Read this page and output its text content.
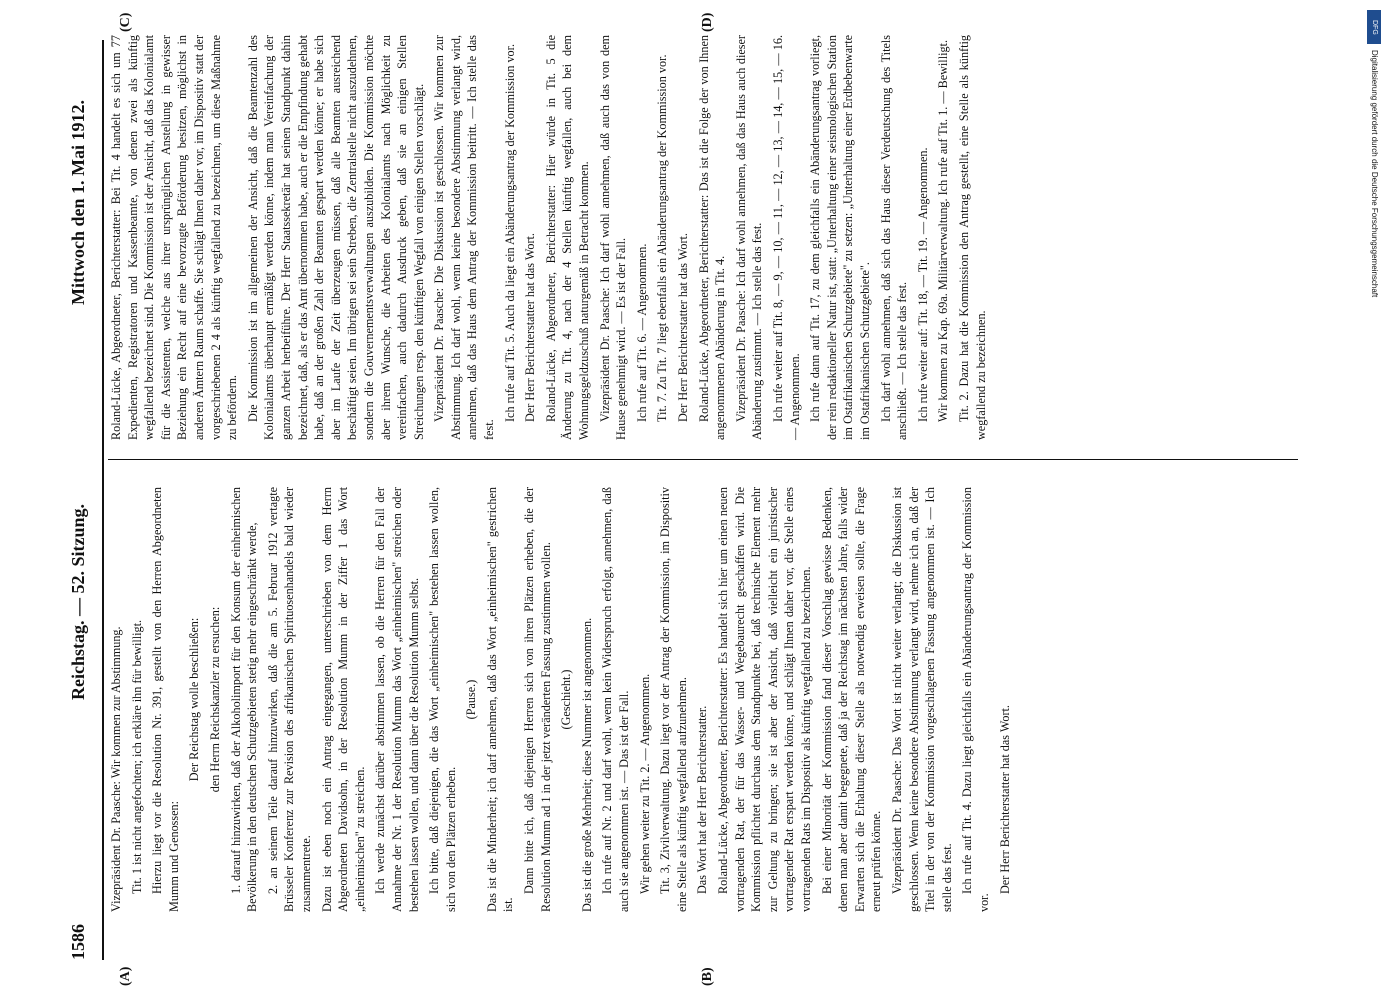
1586
Reichstag. — 52. Sitzung.
Mittwoch den 1. Mai 1912.
(A)	(B)
(C)	(D)

Vizepräsident Dr. Paasche: Wir kommen zur Abstimmung. Tit. 1 ist nicht angefochten; ich erkläre ihn für bewilligt. Hierzu liegt vor die Resolution Nr. 391, gestellt von den Herren Abgeordneten Mumm und Genossen:

Der Reichstag wolle beschließen: den Herrn Reichskanzler zu ersuchen: 1. darauf hinzuwirken, daß der Alkoholimport für den Konsum der einheimischen Bevölkerung in den deutschen Schutzgebieten stetig mehr eingeschränkt werde, 2. an seinem Teile darauf hinzuwirken, daß die am 5. Februar 1912 vertagte Brüsseler Konferenz zur Revision des afrikanischen Spirituosenhandels bald wieder zusammentrete. Dazu ist eben noch ein Antrag eingegangen, unterschrieben von dem Herrn Abgeordneten Davidsohn, in der Resolution Mumm in der Ziffer 1 das Wort „einheimischen" zu streichen. Ich werde zunächst darüber abstimmen lassen, ob die Herren für den Fall der Annahme der Nr. 1 der Resolution Mumm das Wort „einheimischen" streichen oder bestehen lassen wollen, und dann über die Resolution Mumm selbst. Ich bitte, daß diejenigen, die das Wort „einheimischen" bestehen lassen wollen, sich von den Plätzen erheben.

(Pause.) Das ist die Minderheit; ich darf annehmen, daß das Wort „einheimischen" gestrichen ist.

Dann bitte ich, daß diejenigen Herren sich von ihren Plätzen erheben, die der Resolution Mumm ad 1 in der jetzt veränderten Fassung zustimmen wollen. (Geschieht.) Das ist die große Mehrheit; diese Nummer ist angenommen. Ich rufe auf Nr. 2 und darf wohl, wenn kein Widerspruch erfolgt, annehmen, daß auch sie angenommen ist. — Das ist der Fall. Wir gehen weiter zu Tit. 2. — Angenommen. Tit. 3, Zivilverwaltung. Dazu liegt vor der Antrag der Kommission, im Dispositiv eine Stelle als künftig wegfallend aufzunehmen. Das Wort hat der Herr Berichterstatter. Roland-Lücke, Abgeordneter, Berichterstatter: Es handelt sich hier um einen neuen vortragenden Rat, der für das Wasser- und Wegebaurecht geschaffen wird. Die Kommission pflichtet durchaus dem Standpunkte bei, daß technische Element mehr zur Geltung zu bringen; sie ist aber der Ansicht, daß vielleicht ein juristischer vortragender Rat erspart werden könne, und schlägt Ihnen daher vor, die Stelle eines vortragenden Rats im Dispositiv als künftig wegfallend zu bezeichnen. Bei einer Minorität der Kommission fand dieser Vorschlag gewisse Bedenken, denen man aber damit begegnete, daß ja der Reichstag im nächsten Jahre, falls wider Erwarten sich die Erhaltung dieser Stelle als notwendig erweisen sollte, die Frage erneut prüfen könne. Vizepräsident Dr. Paasche: Das Wort ist nicht weiter verlangt; die Diskussion ist geschlossen. Wenn keine besondere Abstimmung verlangt wird, nehme ich an, daß der Titel in der von der Kommission vorgeschlagenen Fassung angenommen ist. — Ich stelle das fest. Ich rufe auf Tit. 4. Dazu liegt gleichfalls ein Abänderungsantrag der Kommission vor.

Der Herr Berichterstatter hat das Wort.

Roland-Lücke, Abgeordneter, Berichterstatter: Bei Tit. 4 handelt es sich um 77 Expedienten, Registratoren und Kassenbeamte, von denen zwei als künftig wegfallend bezeichnet sind. Die Kommission ist der Ansicht, daß das Kolonialamt für die Assistenten, welche aus ihrer ursprünglichen Anstellung in gewisser Beziehung ein Recht auf eine bevorzugte Beförderung besitzen, möglichst in anderen Ämtern Raum schaffe. Sie schlägt Ihnen daher vor, im Dispositiv statt der vorgeschriebenen 2 4 als künftig wegfallend zu bezeichnen, um diese Maßnahme zu befördern. Die Kommission ist im allgemeinen der Ansicht, daß die Beamtenzahl des Kolonialamts überhaupt ermäßigt werden könne, indem man Vereinfachung der ganzen Arbeit herbeiführe. Der Herr Staatssekretär hat seinen Standpunkt dahin bezeichnet, daß, als er das Amt übernommen habe, auch er die Empfindung gehabt habe, daß an der großen Zahl der Beamten gespart werden könne; er habe sich aber im Laufe der Zeit überzeugen müssen, daß alle Beamten ausreichend beschäftigt seien. Im übrigen sei sein Streben, die Zentralstelle nicht auszudehnen, sondern die Gouvernementsverwaltungen auszubilden. Die Kommission möchte aber ihrem Wunsche, die Arbeiten des Kolonialamts nach Möglichkeit zu vereinfachen, auch dadurch Ausdruck geben, daß sie an einigen Stellen Streichungen resp. den künftigen Wegfall von einigen Stellen vorschlägt. Vizepräsident Dr. Paasche: Die Diskussion ist geschlossen. Wir kommen zur Abstimmung. Ich darf wohl, wenn keine besondere Abstimmung verlangt wird, annehmen, daß das Haus dem Antrag der Kommission beitritt. — Ich stelle das fest.

Ich rufe auf Tit. 5. Auch da liegt ein Abänderungsantrag der Kommission vor. Der Herr Berichterstatter hat das Wort. Roland-Lücke, Abgeordneter, Berichterstatter: Hier würde in Tit. 5 die Änderung zu Tit. 4, nach der 4 Stellen künftig wegfallen, auch bei dem Wohnungsgeldzuschuß naturgemäß in Betracht kommen. Vizepräsident Dr. Paasche: Ich darf wohl annehmen, daß auch das von dem Hause genehmigt wird. — Es ist der Fall. Ich rufe auf Tit. 6. — Angenommen. Tit. 7. Zu Tit. 7 liegt ebenfalls ein Abänderungsantrag der Kommission vor. Der Herr Berichterstatter hat das Wort. Roland-Lücke, Abgeordneter, Berichterstatter: Das ist die Folge der von Ihnen angenommenen Abänderung in Tit. 4. Vizepräsident Dr. Paasche: Ich darf wohl annehmen, daß das Haus auch dieser Abänderung zustimmt. — Ich stelle das fest. Ich rufe weiter auf Tit. 8, — 9, — 10, — 11, — 12, — 13, — 14, — 15, — 16. — Angenommen. Ich rufe dann auf Tit. 17, zu dem gleichfalls ein Abänderungsantrag vorliegt, der rein redaktioneller Natur ist, statt: „Unterhaltung einer seismologischen Station im Ostafrikanischen Schutzgebiete" zu setzen: „Unterhaltung einer Erdbebenwarte im Ostafrikanischen Schutzgebiete". Ich darf wohl annehmen, daß sich das Haus dieser Verdeutschung des Titels anschließt. — Ich stelle das fest. Ich rufe weiter auf: Tit. 18, — Tit. 19. — Angenommen. Wir kommen zu Kap. 69a. Militärverwaltung. Ich rufe auf Tit. 1. — Bewilligt. Tit. 2. Dazu hat die Kommission den Antrag gestellt, eine Stelle als künftig wegfallend zu bezeichnen.

DFG
Digitalisierung gefördert durch die Deutsche Forschungsgemeinschaft
